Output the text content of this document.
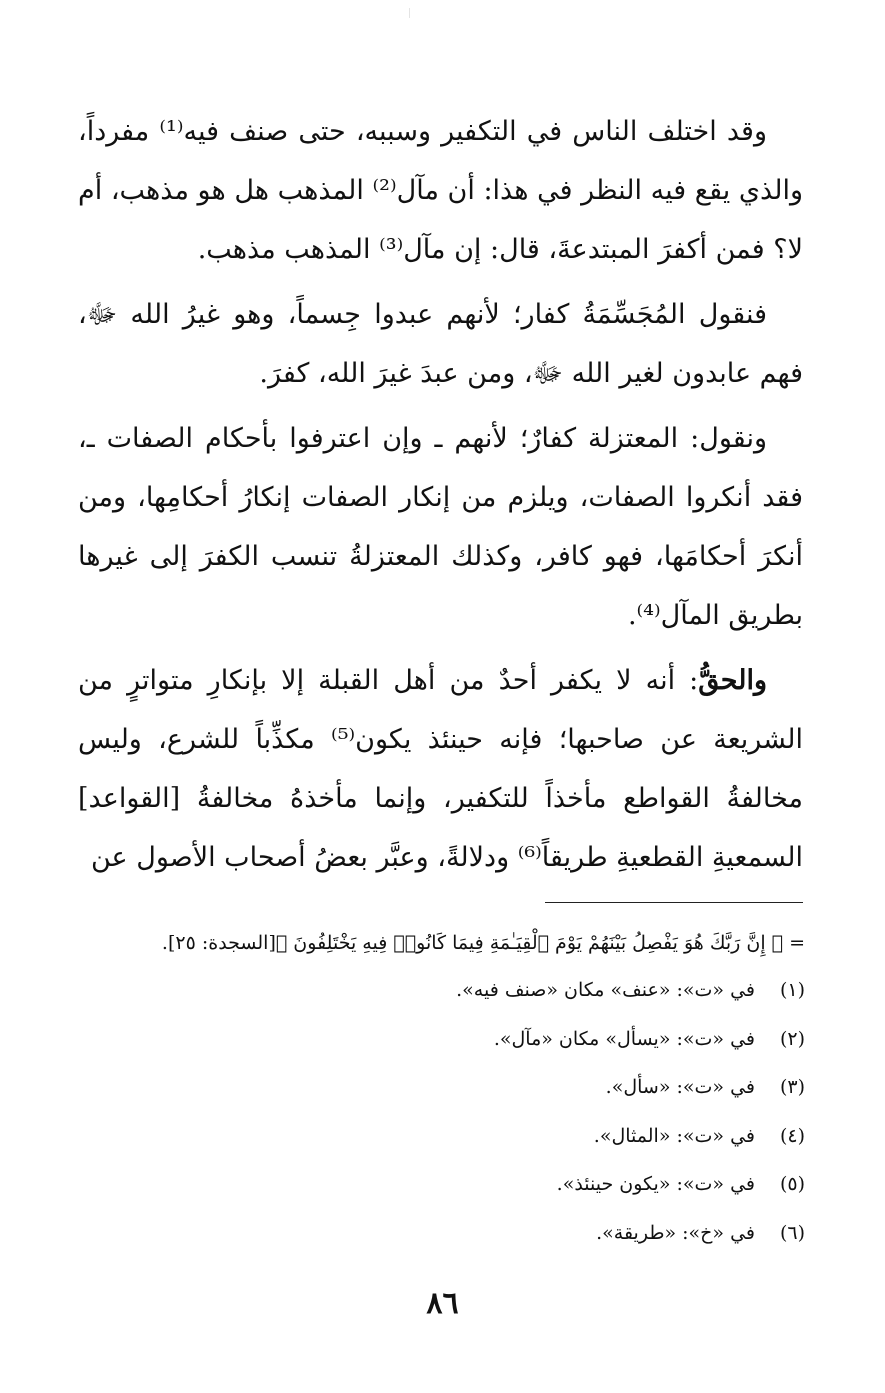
وقد اختلف الناس في التكفير وسببه، حتى صنف فيه⁽¹⁾ مفرداً، والذي يقع فيه النظر في هذا: أن مآل⁽²⁾ المذهب هل هو مذهب، أم لا؟ فمن أكفرَ المبتدعةَ، قال: إن مآل⁽³⁾ المذهب مذهب.

فنقول المُجَسِّمَةُ كفار؛ لأنهم عبدوا جِسماً، وهو غيرُ الله ﷻ، فهم عابدون لغير الله ﷻ، ومن عبدَ غيرَ الله، كفرَ.

ونقول: المعتزلة كفارٌ؛ لأنهم ـ وإن اعترفوا بأحكام الصفات ـ، فقد أنكروا الصفات، ويلزم من إنكار الصفات إنكارُ أحكامِها، ومن أنكرَ أحكامَها، فهو كافر، وكذلك المعتزلةُ تنسب الكفرَ إلى غيرها بطريق المآل⁽⁴⁾.

والحقُّ: أنه لا يكفر أحدٌ من أهل القبلة إلا بإنكارِ متواترٍ من الشريعة عن صاحبها؛ فإنه حينئذ يكون⁽⁵⁾ مكذِّباً للشرع، وليس مخالفةُ القواطع مأخذاً للتكفير، وإنما مأخذهُ مخالفةُ [القواعد] السمعيةِ القطعيةِ طريقاً⁽⁶⁾ ودلالةً، وعبَّر بعضُ أصحاب الأصول عن

= ﴿ إِنَّ رَبَّكَ هُوَ يَفْصِلُ بَيْنَهُمْ يَوْمَ ٱلْقِيَـٰمَةِ فِيمَا كَانُوا۟ فِيهِ يَخْتَلِفُونَ ﴾[السجدة: ٢٥].
(١)في «ت»: «عنف» مكان «صنف فيه».
(٢)في «ت»: «يسأل» مكان «مآل».
(٣)في «ت»: «سأل».
(٤)في «ت»: «المثال».
(٥)في «ت»: «يكون حينئذ».
(٦)في «خ»: «طريقة».
٨٦
